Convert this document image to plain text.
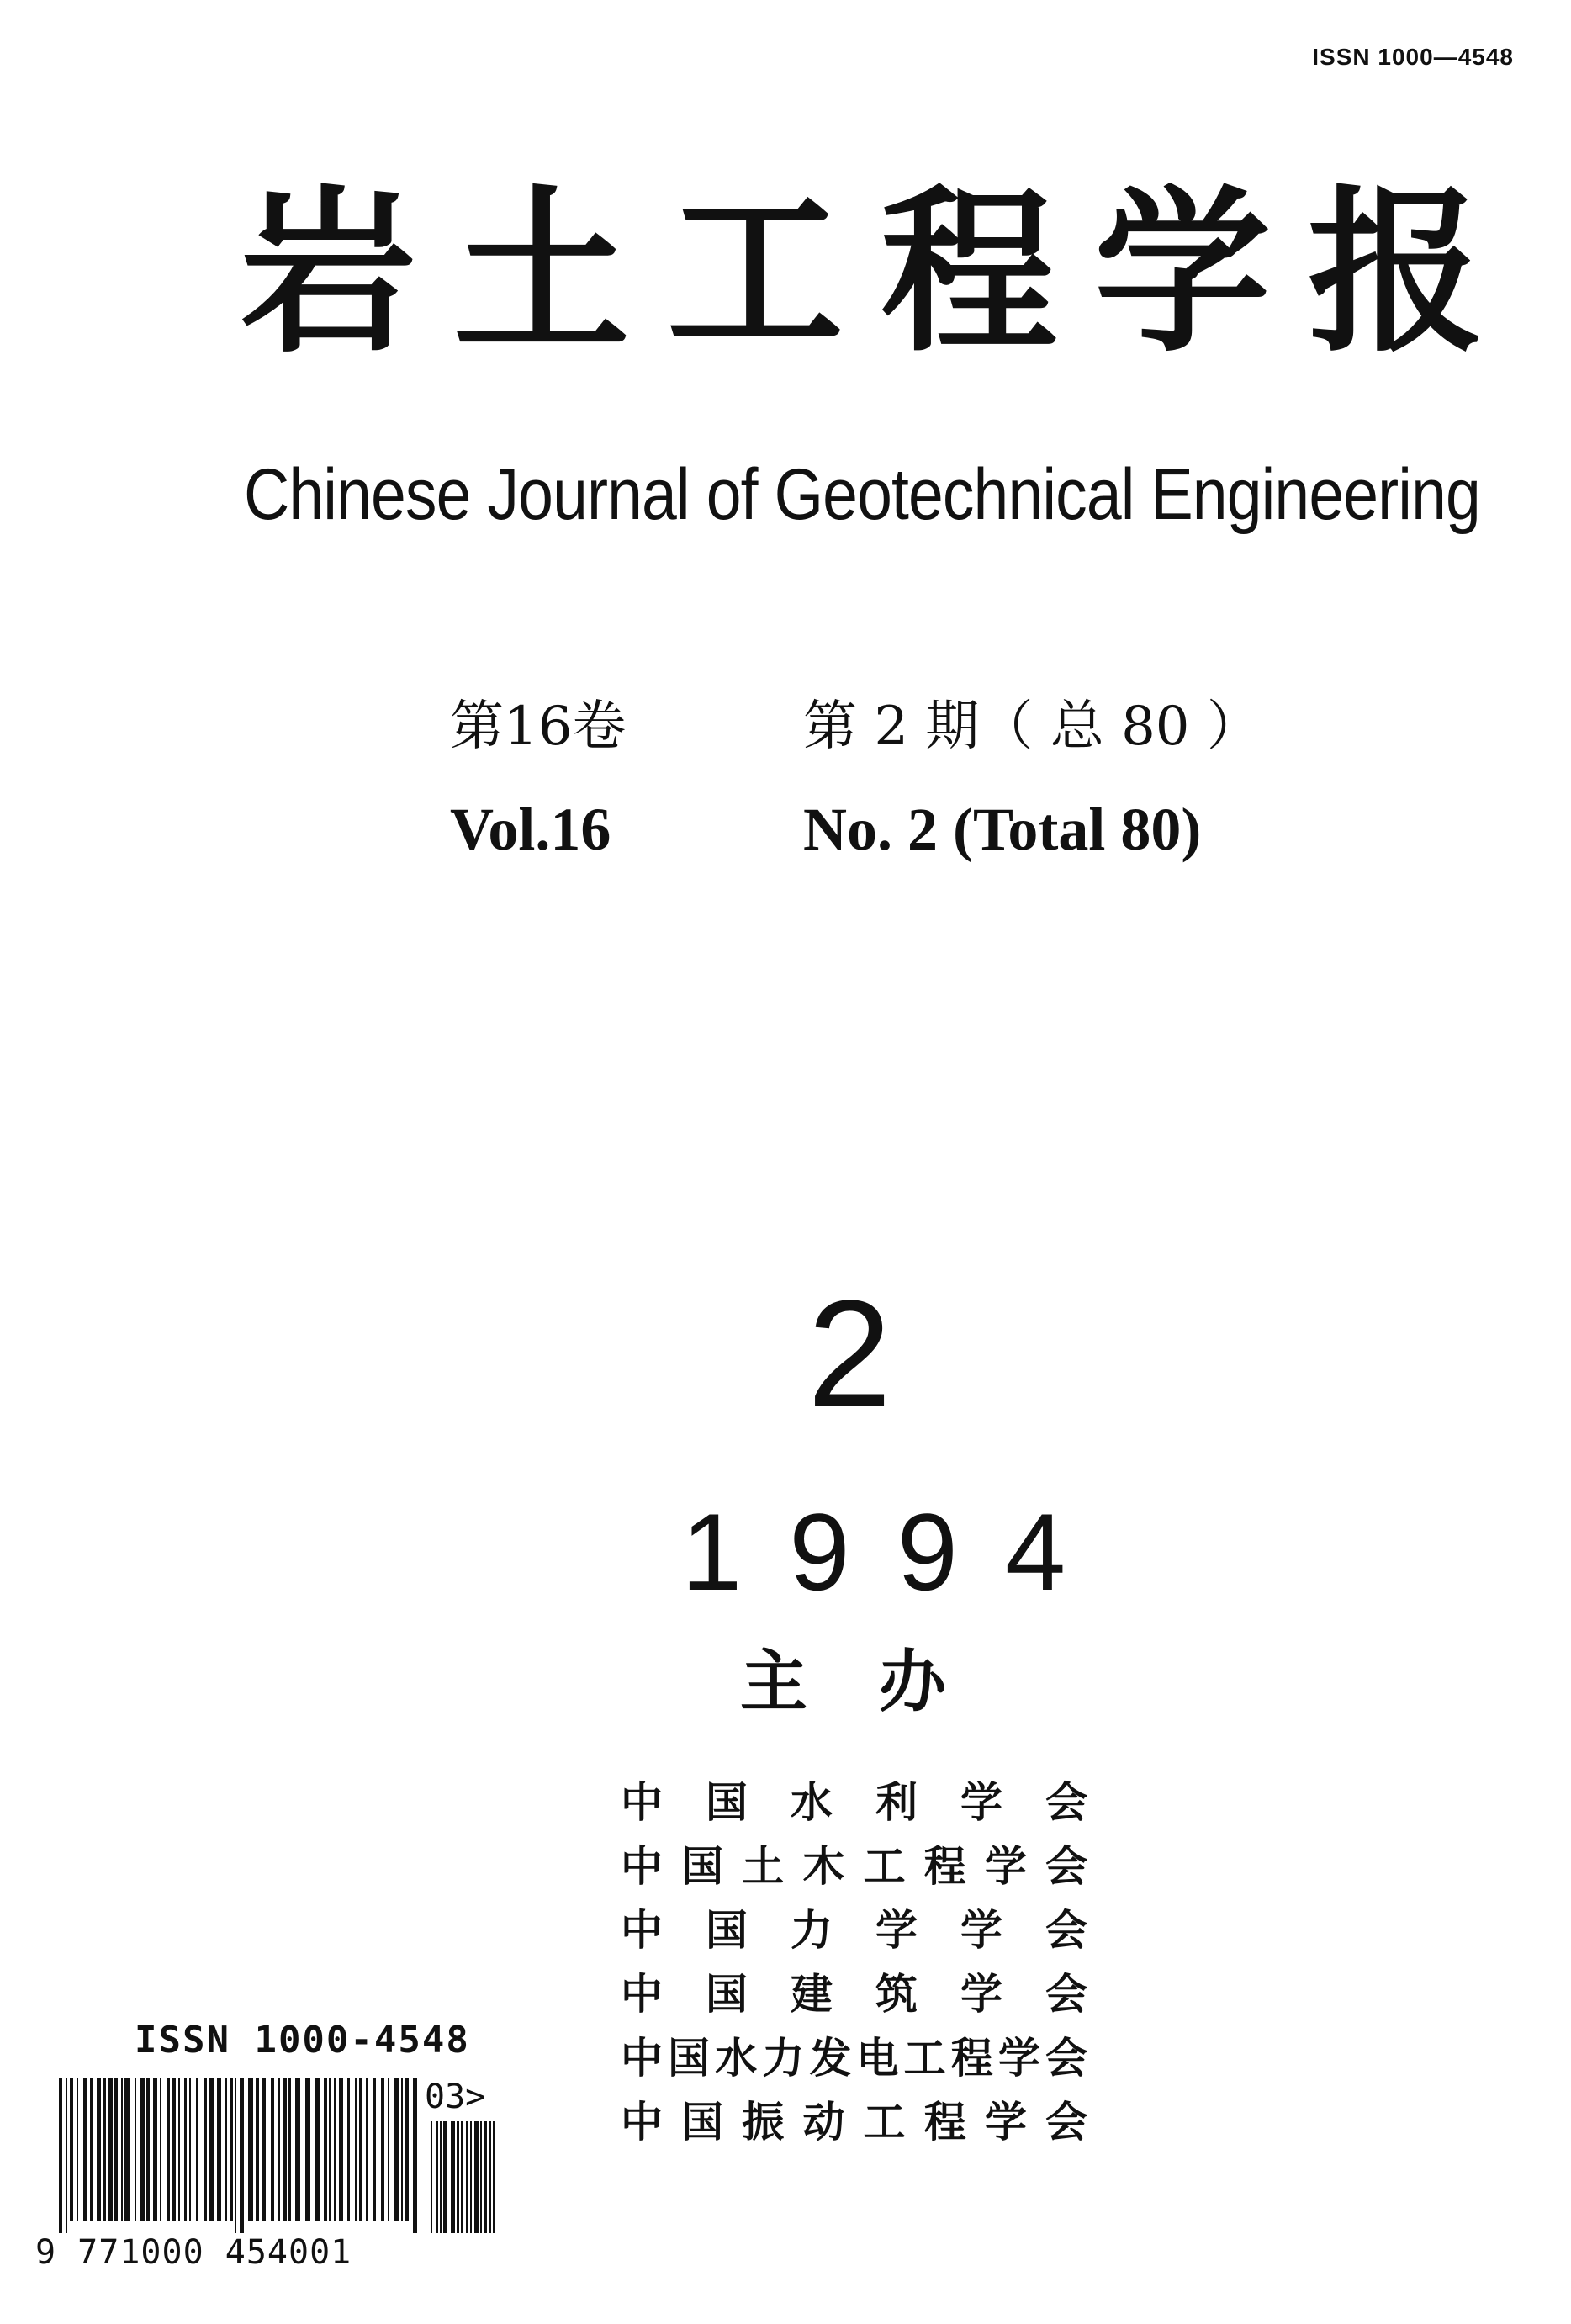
ISSN 1000—4548
岩 土 工 程 学 报
Chinese Journal of Geotechnical Engineering
第16卷	第 2 期（ 总 80 ）
Vol.16	No. 2 (Total 80)
2
1994
主办
中 国 水 利 学 会
中 国 土 木 工 程 学 会
中 国 力 学 学 会
中 国 建 筑 学 会
中 国 水 力 发 电 工 程 学 会
中 国 振 动 工 程 学 会
ISSN 1000-4548
03>
9 771000 454001
